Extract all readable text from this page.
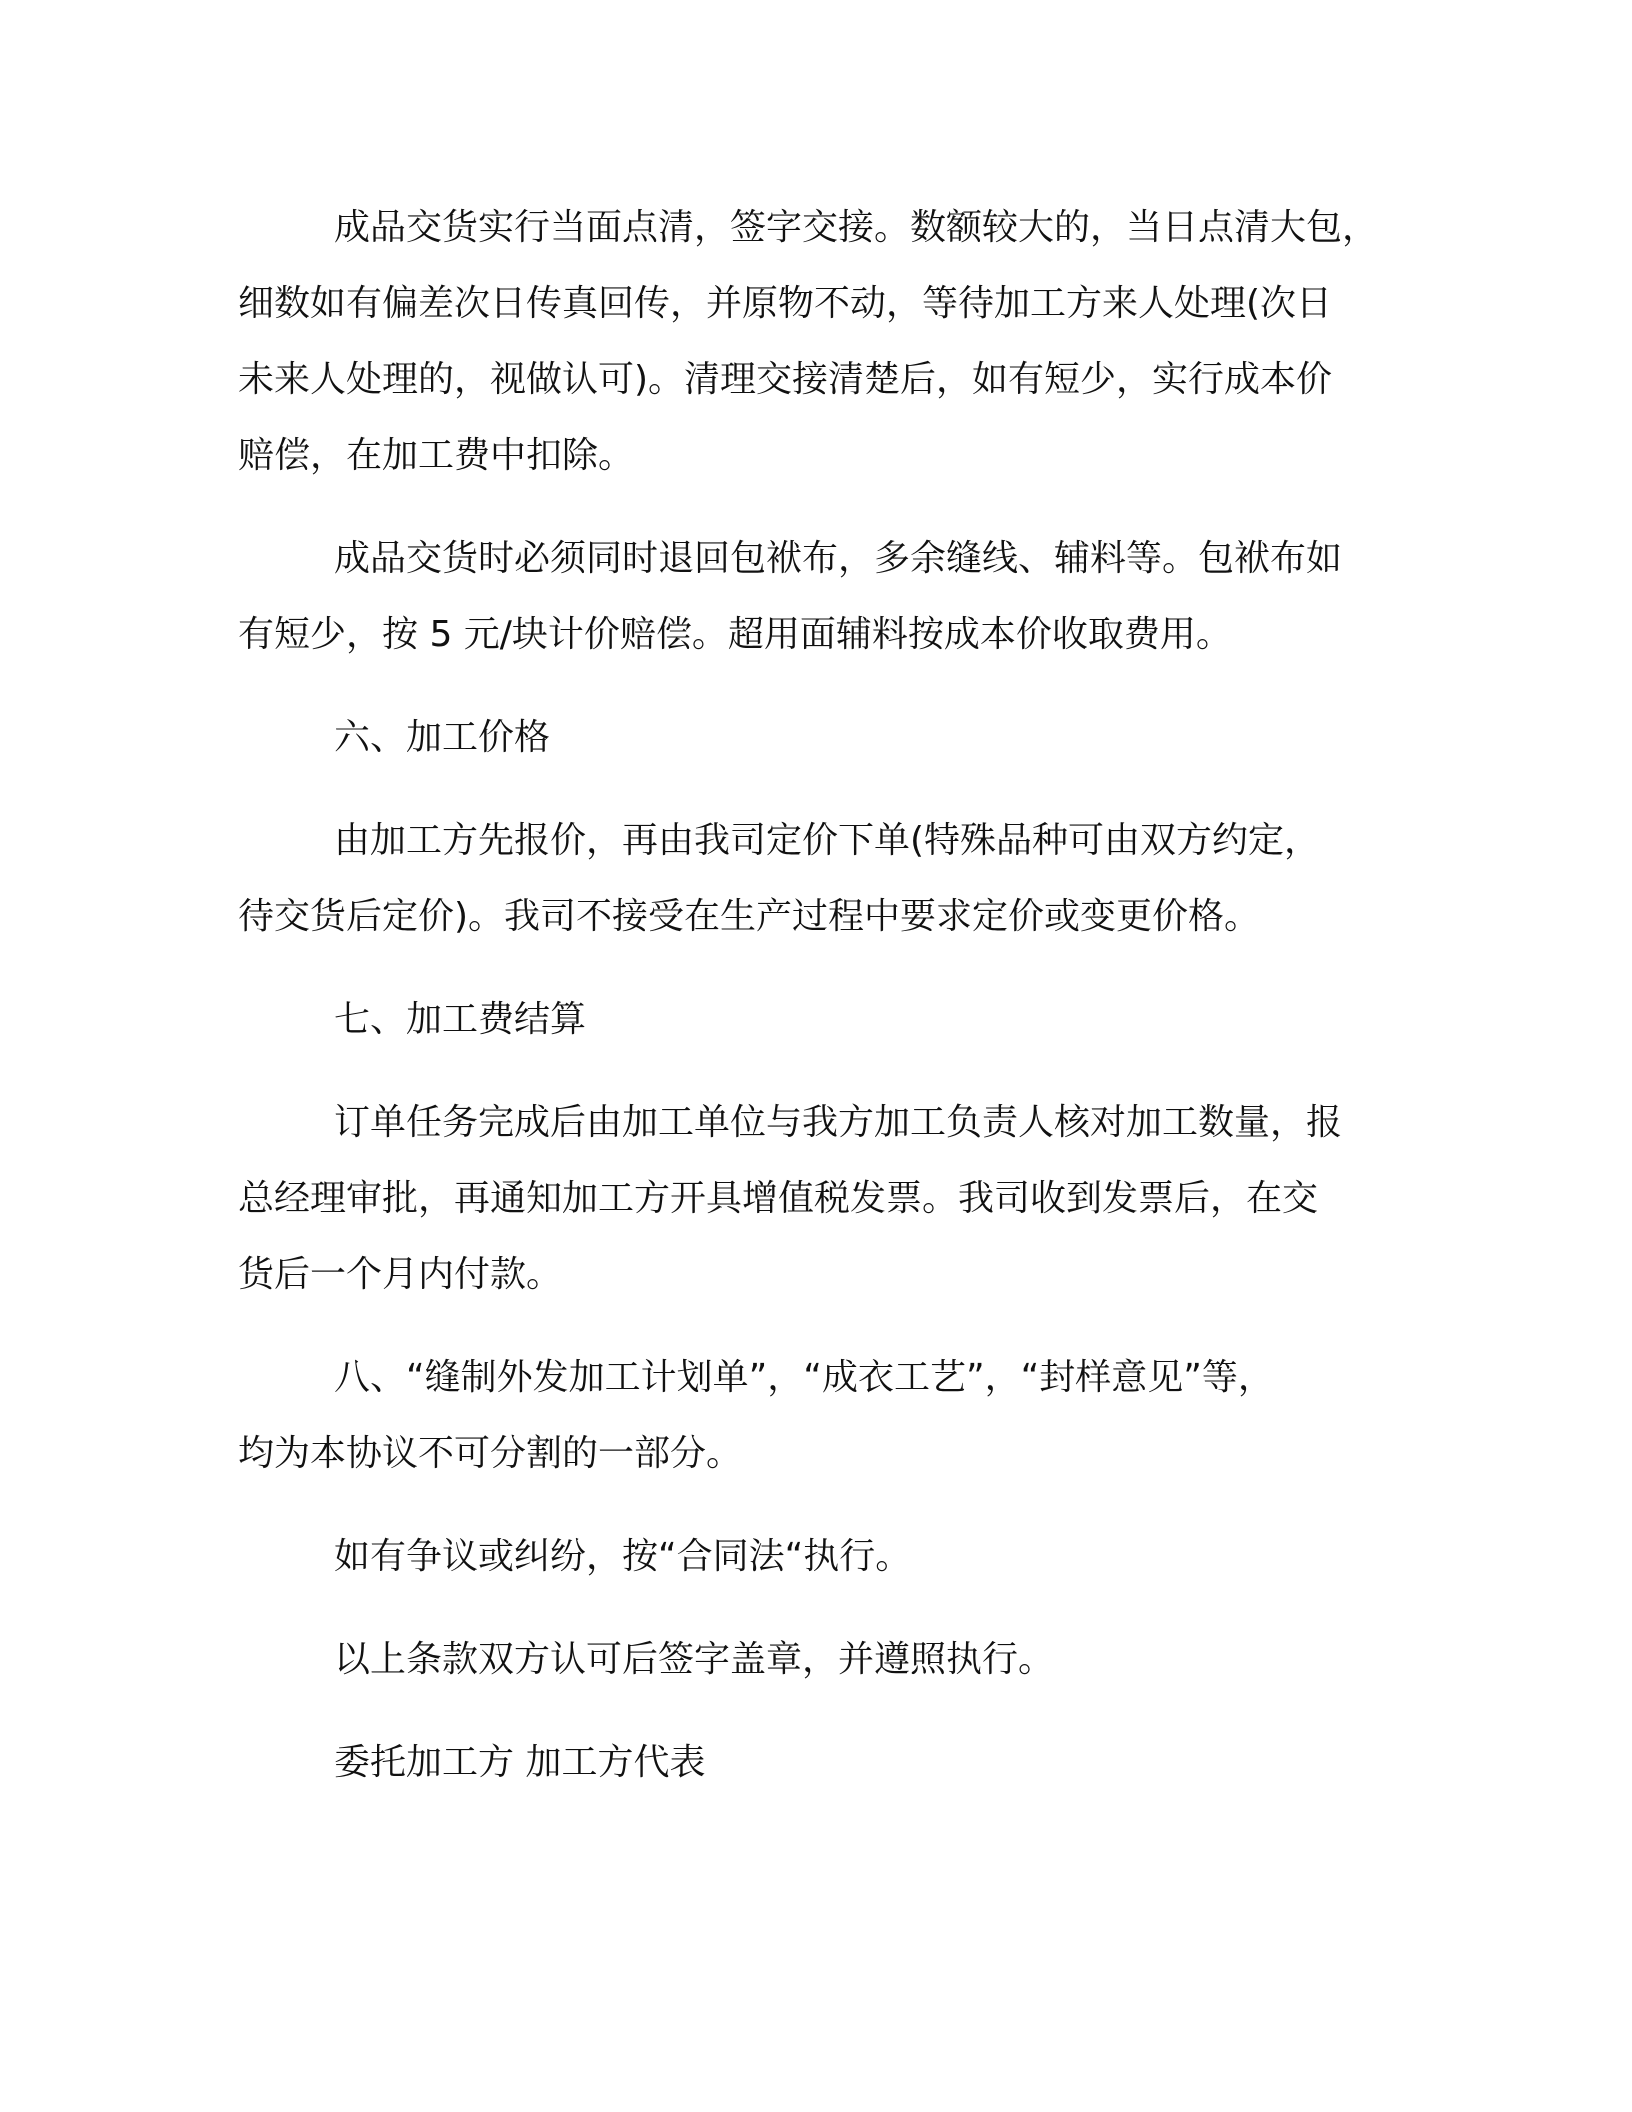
成品交货实行当面点清，签字交接。数额较大的，当日点清大包，
细数如有偏差次日传真回传，并原物不动，等待加工方来人处理(次日
未来人处理的，视做认可)。清理交接清楚后，如有短少，实行成本价
赔偿，在加工费中扣除。
成品交货时必须同时退回包袱布，多余缝线、辅料等。包袱布如
有短少，按 5 元/块计价赔偿。超用面辅料按成本价收取费用。
六、加工价格
由加工方先报价，再由我司定价下单(特殊品种可由双方约定，
待交货后定价)。我司不接受在生产过程中要求定价或变更价格。
七、加工费结算
订单任务完成后由加工单位与我方加工负责人核对加工数量，报
总经理审批，再通知加工方开具增值税发票。我司收到发票后，在交
货后一个月内付款。
八、“缝制外发加工计划单”，“成衣工艺”，“封样意见”等，
均为本协议不可分割的一部分。
如有争议或纠纷，按“合同法“执行。
以上条款双方认可后签字盖章，并遵照执行。
委托加工方 加工方代表
